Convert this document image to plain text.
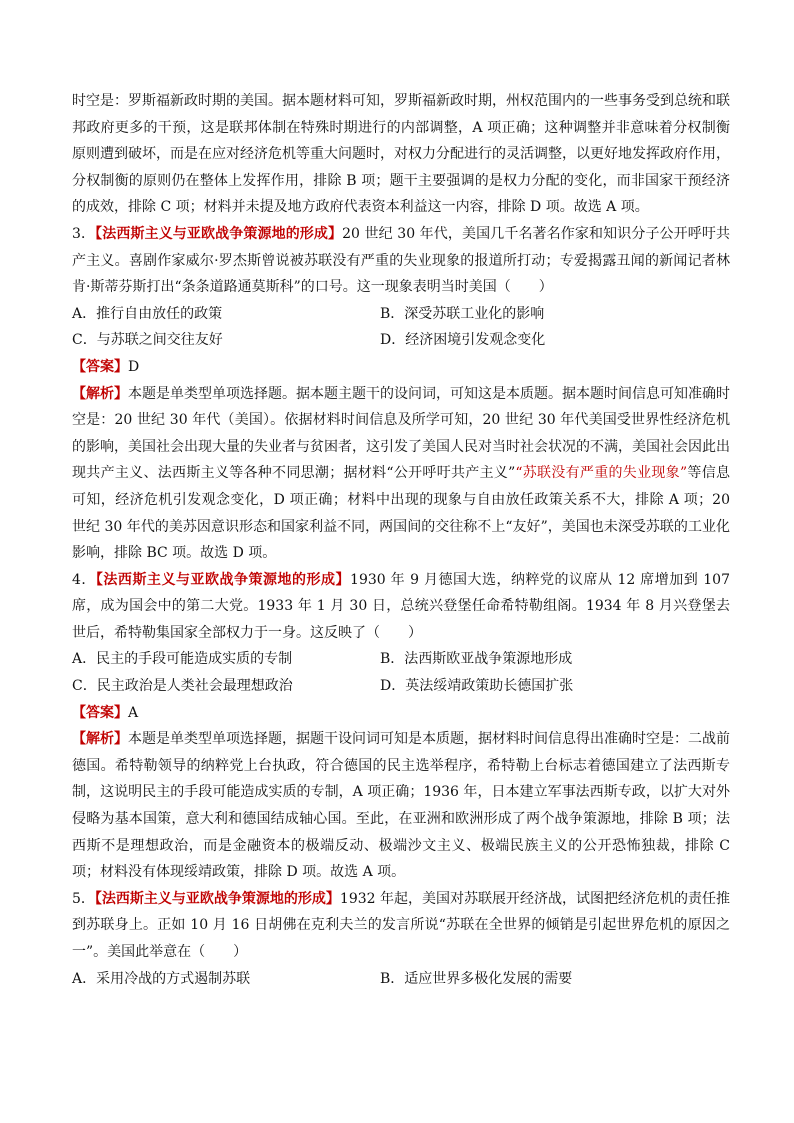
时空是：罗斯福新政时期的美国。据本题材料可知，罗斯福新政时期，州权范围内的一些事务受到总统和联邦政府更多的干预，这是联邦体制在特殊时期进行的内部调整，A 项正确；这种调整并非意味着分权制衡原则遭到破坏，而是在应对经济危机等重大问题时，对权力分配进行的灵活调整，以更好地发挥政府作用，分权制衡的原则仍在整体上发挥作用，排除 B 项；题干主要强调的是权力分配的变化，而非国家干预经济的成效，排除 C 项；材料并未提及地方政府代表资本利益这一内容，排除 D 项。故选 A 项。

3．【法西斯主义与亚欧战争策源地的形成】20 世纪 30 年代，美国几千名著名作家和知识分子公开呼吁共产主义。喜剧作家威尔·罗杰斯曾说被苏联没有严重的失业现象的报道所打动；专爱揭露丑闻的新闻记者林肯·斯蒂芬斯打出“条条道路通莫斯科”的口号。这一现象表明当时美国（　　）

A．推行自由放任的政策	B．深受苏联工业化的影响
C．与苏联之间交往友好	D．经济困境引发观念变化

【答案】D

【解析】本题是单类型单项选择题。据本题主题干的设问词，可知这是本质题。据本题时间信息可知准确时空是：20 世纪 30 年代（美国）。依据材料时间信息及所学可知，20 世纪 30 年代美国受世界性经济危机的影响，美国社会出现大量的失业者与贫困者，这引发了美国人民对当时社会状况的不满，美国社会因此出现共产主义、法西斯主义等各种不同思潮；据材料“公开呼吁共产主义”“苏联没有严重的失业现象”等信息可知，经济危机引发观念变化，D 项正确；材料中出现的现象与自由放任政策关系不大，排除 A 项；20 世纪 30 年代的美苏因意识形态和国家利益不同，两国间的交往称不上“友好”，美国也未深受苏联的工业化影响，排除 BC 项。故选 D 项。

4．【法西斯主义与亚欧战争策源地的形成】1930 年 9 月德国大选，纳粹党的议席从 12 席增加到 107 席，成为国会中的第二大党。1933 年 1 月 30 日，总统兴登堡任命希特勒组阁。1934 年 8 月兴登堡去世后，希特勒集国家全部权力于一身。这反映了（　　）

A．民主的手段可能造成实质的专制	B．法西斯欧亚战争策源地形成
C．民主政治是人类社会最理想政治	D．英法绥靖政策助长德国扩张

【答案】A

【解析】本题是单类型单项选择题，据题干设问词可知是本质题，据材料时间信息得出准确时空是：二战前德国。希特勒领导的纳粹党上台执政，符合德国的民主选举程序，希特勒上台标志着德国建立了法西斯专制，这说明民主的手段可能造成实质的专制，A 项正确；1936 年，日本建立军事法西斯专政，以扩大对外侵略为基本国策，意大利和德国结成轴心国。至此，在亚洲和欧洲形成了两个战争策源地，排除 B 项；法西斯不是理想政治，而是金融资本的极端反动、极端沙文主义、极端民族主义的公开恐怖独裁，排除 C 项；材料没有体现绥靖政策，排除 D 项。故选 A 项。

5．【法西斯主义与亚欧战争策源地的形成】1932 年起，美国对苏联展开经济战，试图把经济危机的责任推到苏联身上。正如 10 月 16 日胡佛在克利夫兰的发言所说“苏联在全世界的倾销是引起世界危机的原因之一”。美国此举意在（　　）

A．采用冷战的方式遏制苏联	B．适应世界多极化发展的需要
